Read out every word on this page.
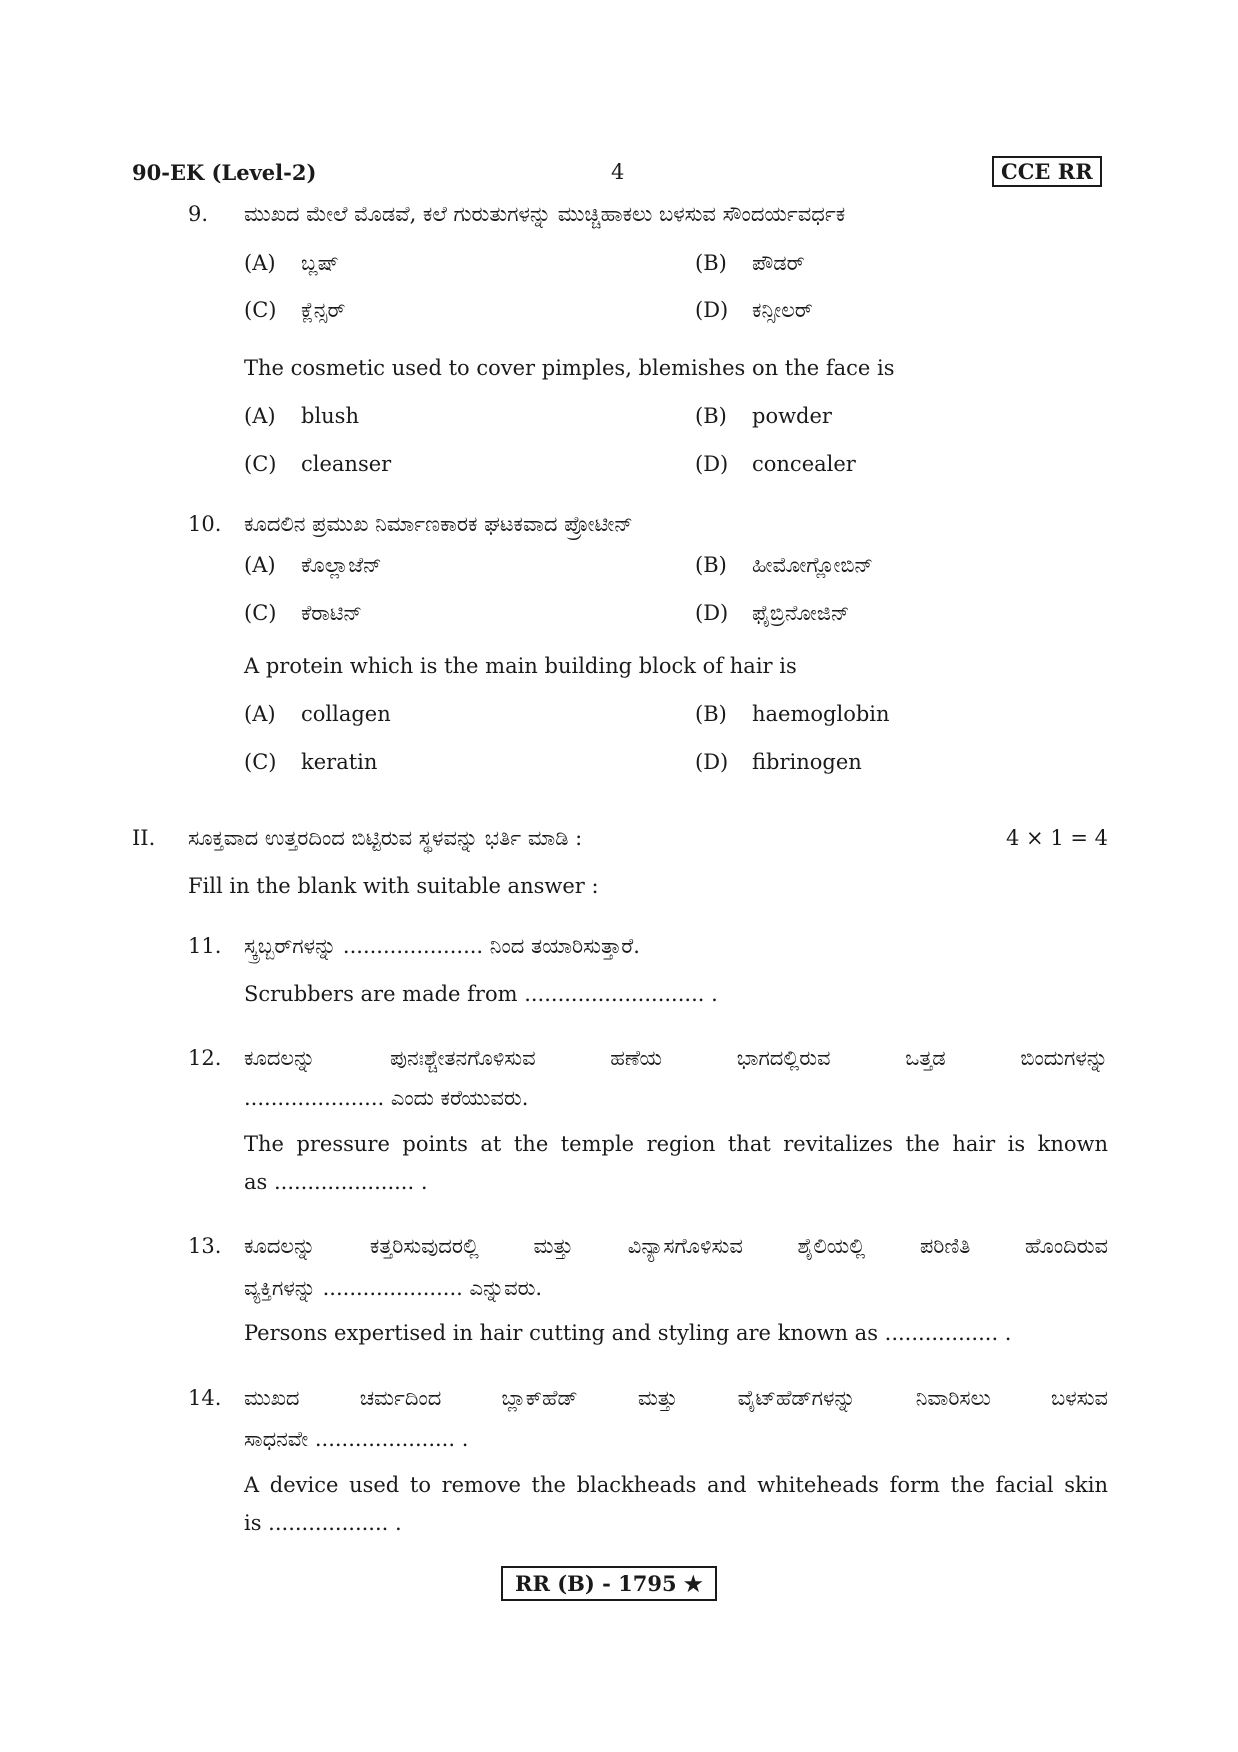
90-EK (Level-2)	4	CCE RR
9. ಮುಖದ ಮೇಲೆ ಮೊಡವೆ, ಕಲೆ ಗುರುತುಗಳನ್ನು ಮುಚ್ಚಿಹಾಕಲು ಬಳಸುವ ಸೌಂದರ್ಯವರ್ಧಕ
(A) ಬ್ಲಷ್	(B) ಪೌಡರ್
(C) ಕ್ಲೆನ್ಸರ್	(D) ಕನ್ಸೀಲರ್
The cosmetic used to cover pimples, blemishes on the face is
(A) blush	(B) powder
(C) cleanser	(D) concealer
10. ಕೂದಲಿನ ಪ್ರಮುಖ ನಿರ್ಮಾಣಕಾರಕ ಘಟಕವಾದ ಪ್ರೋಟೀನ್
(A) ಕೊಲ್ಲಾಜೆನ್	(B) ಹೀಮೋಗ್ಲೋಬಿನ್
(C) ಕೆರಾಟಿನ್	(D) ಫೈಬ್ರಿನೋಜಿನ್
A protein which is the main building block of hair is
(A) collagen	(B) haemoglobin
(C) keratin	(D) fibrinogen
II. ಸೂಕ್ತವಾದ ಉತ್ತರದಿಂದ ಬಿಟ್ಟಿರುವ ಸ್ಥಳವನ್ನು ಭರ್ತಿ ಮಾಡಿ :	4 × 1 = 4
Fill in the blank with suitable answer :
11. ಸ್ಕ್ರಬ್ಬರ್‌ಗಳನ್ನು ..................... ನಿಂದ ತಯಾರಿಸುತ್ತಾರೆ.
Scrubbers are made from ........................... .
12. ಕೂದಲನ್ನು ಪುನಃಶ್ಚೇತನಗೊಳಿಸುವ ಹಣೆಯ ಭಾಗದಲ್ಲಿರುವ ಒತ್ತಡ ಬಿಂದುಗಳನ್ನು
..................... ಎಂದು ಕರೆಯುವರು.
The pressure points at the temple region that revitalizes the hair is known
as ..................... .
13. ಕೂದಲನ್ನು ಕತ್ತರಿಸುವುದರಲ್ಲಿ ಮತ್ತು ವಿನ್ಯಾಸಗೊಳಿಸುವ ಶೈಲಿಯಲ್ಲಿ ಪರಿಣಿತಿ ಹೊಂದಿರುವ
ವ್ಯಕ್ತಿಗಳನ್ನು ..................... ಎನ್ನುವರು.
Persons expertised in hair cutting and styling are known as ................. .
14. ಮುಖದ ಚರ್ಮದಿಂದ ಬ್ಲಾಕ್‌ಹೆಡ್ ಮತ್ತು ವೈಟ್‌ಹೆಡ್‌ಗಳನ್ನು ನಿವಾರಿಸಲು ಬಳಸುವ
ಸಾಧನವೇ ..................... .
A device used to remove the blackheads and whiteheads form the facial skin
is .................. .
RR (B) - 1795 ★
